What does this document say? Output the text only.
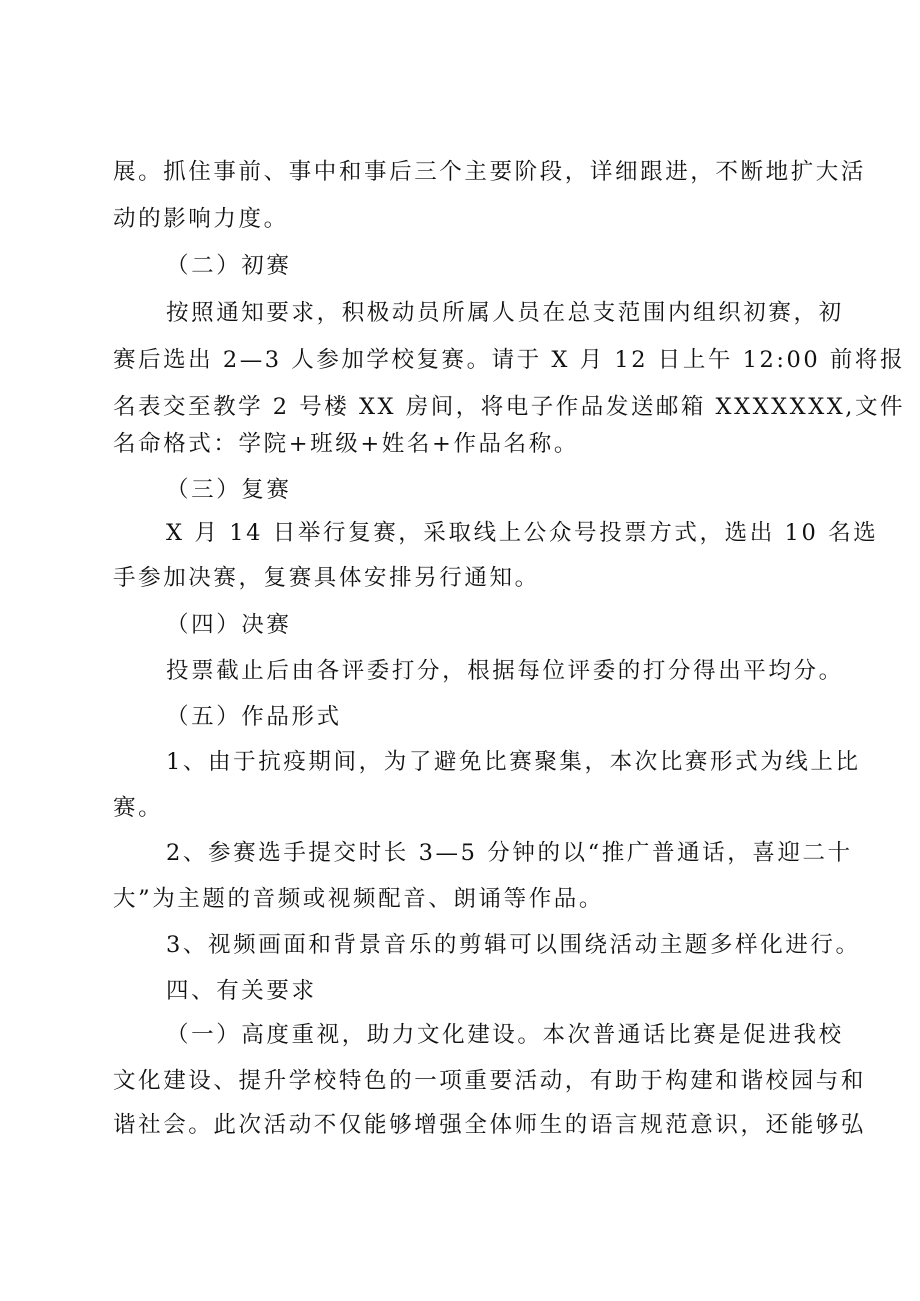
展。抓住事前、事中和事后三个主要阶段，详细跟进，不断地扩大活
动的影响力度。
（二）初赛
按照通知要求，积极动员所属人员在总支范围内组织初赛，初
赛后选出 2—3 人参加学校复赛。请于 X 月 12 日上午 12:00 前将报
名表交至教学 2 号楼 XX 房间，将电子作品发送邮箱 XXXXXXX,文件
名命格式：学院+班级+姓名+作品名称。
（三）复赛
X 月 14 日举行复赛，采取线上公众号投票方式，选出 10 名选
手参加决赛，复赛具体安排另行通知。
（四）决赛
投票截止后由各评委打分，根据每位评委的打分得出平均分。
（五）作品形式
1、由于抗疫期间，为了避免比赛聚集，本次比赛形式为线上比
赛。
2、参赛选手提交时长 3—5 分钟的以“推广普通话，喜迎二十
大”为主题的音频或视频配音、朗诵等作品。
3、视频画面和背景音乐的剪辑可以围绕活动主题多样化进行。
四、有关要求
（一）高度重视，助力文化建设。本次普通话比赛是促进我校
文化建设、提升学校特色的一项重要活动，有助于构建和谐校园与和
谐社会。此次活动不仅能够增强全体师生的语言规范意识，还能够弘
